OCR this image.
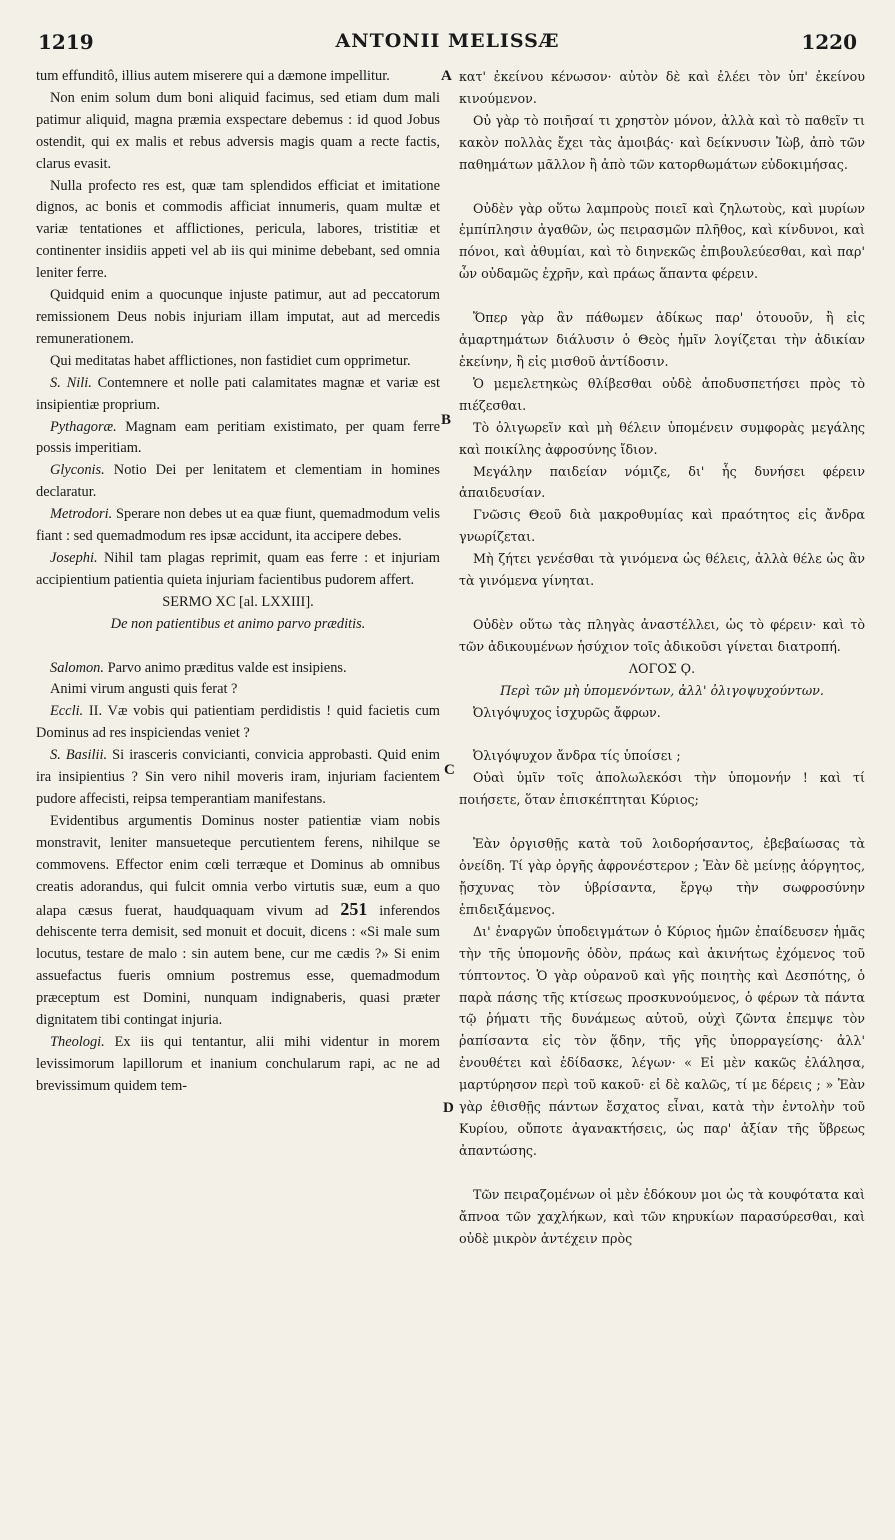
1219	ANTONII MELISSÆ	1220
A
B
C
D

tum effunditô, illius autem miserere qui a dæmone impellitur.

Non enim solum dum boni aliquid facimus, sed etiam dum mali patimur aliquid, magna præmia exspectare debemus : id quod Jobus ostendit, qui ex malis et rebus adversis magis quam a recte factis, clarus evasit.

Nulla profecto res est, quæ tam splendidos efficiat et imitatione dignos, ac bonis et commodis afficiat innumeris, quam multæ et variæ tentationes et afflictiones, pericula, labores, tristitiæ et continenter insidiis appeti vel ab iis qui minime debebant, sed omnia leniter ferre.

Quidquid enim a quocunque injuste patimur, aut ad peccatorum remissionem Deus nobis injuriam illam imputat, aut ad mercedis remunerationem.

Qui meditatas habet afflictiones, non fastidiet cum opprimetur.

S. Nili. Contemnere et nolle pati calamitates magnæ et variæ est insipientiæ proprium.

Pythagoræ. Magnam eam peritiam existimato, per quam ferre possis imperitiam.

Glyconis. Notio Dei per lenitatem et clementiam in homines declaratur.

Metrodori. Sperare non debes ut ea quæ fiunt, quemadmodum velis fiant : sed quemadmodum res ipsæ accidunt, ita accipere debes.

Josephi. Nihil tam plagas reprimit, quam eas ferre : et injuriam accipientium patientia quieta injuriam facientibus pudorem affert.

SERMO XC [al. LXXIII].

De non patientibus et animo parvo præditis.

Salomon. Parvo animo præditus valde est insipiens.

Animi virum angusti quis ferat ?

Eccli. II. Væ vobis qui patientiam perdidistis ! quid facietis cum Dominus ad res inspiciendas veniet ?

S. Basilii. Si irasceris convicianti, convicia approbasti. Quid enim ira insipientius ? Sin vero nihil moveris iram, injuriam facientem pudore affecisti, reipsa temperantiam manifestans.

Evidentibus argumentis Dominus noster patientiæ viam nobis monstravit, leniter mansueteque percutientem ferens, nihilque se commovens. Effector enim cœli terræque et Dominus ab omnibus creatis adorandus, qui fulcit omnia verbo virtutis suæ, eum a quo alapa cæsus fuerat, haudquaquam vivum ad 251 inferendos dehiscente terra demisit, sed monuit et docuit, dicens : «Si male sum locutus, testare de malo : sin autem bene, cur me cædis ?» Si enim assuefactus fueris omnium postremus esse, quemadmodum præceptum est Domini, nunquam indignaberis, quasi præter dignitatem tibi contingat injuria.

Theologi. Ex iis qui tentantur, alii mihi videntur in morem levissimorum lapillorum et inanium conchularum rapi, ac ne ad brevissimum quidem tem-

κατ' ἐκείνου κένωσον· αὐτὸν δὲ καὶ ἐλέει τὸν ὑπ' ἐκείνου κινούμενον.

Οὐ γὰρ τὸ ποιῆσαί τι χρηστὸν μόνον, ἀλλὰ καὶ τὸ παθεῖν τι κακὸν πολλὰς ἔχει τὰς ἀμοιβάς· καὶ δείκνυσιν Ἰὼβ, ἀπὸ τῶν παθημάτων μᾶλλον ἢ ἀπὸ τῶν κατορθωμάτων εὐδοκιμήσας.

Οὐδὲν γὰρ οὕτω λαμπροὺς ποιεῖ καὶ ζηλωτοὺς, καὶ μυρίων ἐμπίπλησιν ἀγαθῶν, ὡς πειρασμῶν πλῆθος, καὶ κίνδυνοι, καὶ πόνοι, καὶ ἀθυμίαι, καὶ τὸ διηνεκῶς ἐπιβουλεύεσθαι, καὶ παρ' ὧν οὐδαμῶς ἐχρῆν, καὶ πράως ἅπαντα φέρειν.

Ὅπερ γὰρ ἂν πάθωμεν ἀδίκως παρ' ὁτουοῦν, ἢ εἰς ἁμαρτημάτων διάλυσιν ὁ Θεὸς ἡμῖν λογίζεται τὴν ἀδικίαν ἐκείνην, ἢ εἰς μισθοῦ ἀντίδοσιν.

Ὁ μεμελετηκὼς θλίβεσθαι οὐδὲ ἀποδυσπετήσει πρὸς τὸ πιέζεσθαι.

Τὸ ὀλιγωρεῖν καὶ μὴ θέλειν ὑπομένειν συμφορὰς μεγάλης καὶ ποικίλης ἀφροσύνης ἴδιον.

Μεγάλην παιδείαν νόμιζε, δι' ἧς δυνήσει φέρειν ἀπαιδευσίαν.

Γνῶσις Θεοῦ διὰ μακροθυμίας καὶ πραότητος εἰς ἄνδρα γνωρίζεται.

Μὴ ζήτει γενέσθαι τὰ γινόμενα ὡς θέλεις, ἀλλὰ θέλε ὡς ἂν τὰ γινόμενα γίνηται.

Οὐδὲν οὕτω τὰς πληγὰς ἀναστέλλει, ὡς τὸ φέρειν· καὶ τὸ τῶν ἀδικουμένων ἡσύχιον τοῖς ἀδικοῦσι γίνεται διατροπή.

ΛΟΓΟΣ Ϙ.

Περὶ τῶν μὴ ὑπομενόντων, ἀλλ' ὀλιγοψυχούντων.

Ὀλιγόψυχος ἰσχυρῶς ἄφρων.

Ὀλιγόψυχον ἄνδρα τίς ὑποίσει ;

Οὐαὶ ὑμῖν τοῖς ἀπολωλεκόσι τὴν ὑπομονήν ! καὶ τί ποιήσετε, ὅταν ἐπισκέπτηται Κύριος;

Ἐὰν ὀργισθῇς κατὰ τοῦ λοιδορήσαντος, ἐβεβαίωσας τὰ ὀνείδη. Τί γὰρ ὀργῆς ἀφρονέστερον ; Ἐὰν δὲ μείνῃς ἀόργητος, ᾔσχυνας τὸν ὑβρίσαντα, ἔργῳ τὴν σωφροσύνην ἐπιδειξάμενος.

Δι' ἐναργῶν ὑποδειγμάτων ὁ Κύριος ἡμῶν ἐπαίδευσεν ἡμᾶς τὴν τῆς ὑπομονῆς ὁδὸν, πράως καὶ ἀκινήτως ἐχόμενος τοῦ τύπτοντος. Ὁ γὰρ οὐρανοῦ καὶ γῆς ποιητὴς καὶ Δεσπότης, ὁ παρὰ πάσης τῆς κτίσεως προσκυνούμενος, ὁ φέρων τὰ πάντα τῷ ῥήματι τῆς δυνάμεως αὐτοῦ, οὐχὶ ζῶντα ἐπεμψε τὸν ῥαπίσαντα εἰς τὸν ᾅδην, τῆς γῆς ὑπορραγείσης· ἀλλ' ἐνουθέτει καὶ ἐδίδασκε, λέγων· « Εἰ μὲν κακῶς ἐλάλησα, μαρτύρησον περὶ τοῦ κακοῦ· εἰ δὲ καλῶς, τί με δέρεις ; » Ἐὰν γὰρ ἐθισθῇς πάντων ἔσχατος εἶναι, κατὰ τὴν ἐντολὴν τοῦ Κυρίου, οὔποτε ἀγανακτήσεις, ὡς παρ' ἀξίαν τῆς ὕβρεως ἀπαντώσης.

Τῶν πειραζομένων οἱ μὲν ἐδόκουν μοι ὡς τὰ κουφότατα καὶ ἄπνοα τῶν χαχλήκων, καὶ τῶν κηρυκίων παρασύρεσθαι, καὶ οὐδὲ μικρὸν ἀντέχειν πρὸς
